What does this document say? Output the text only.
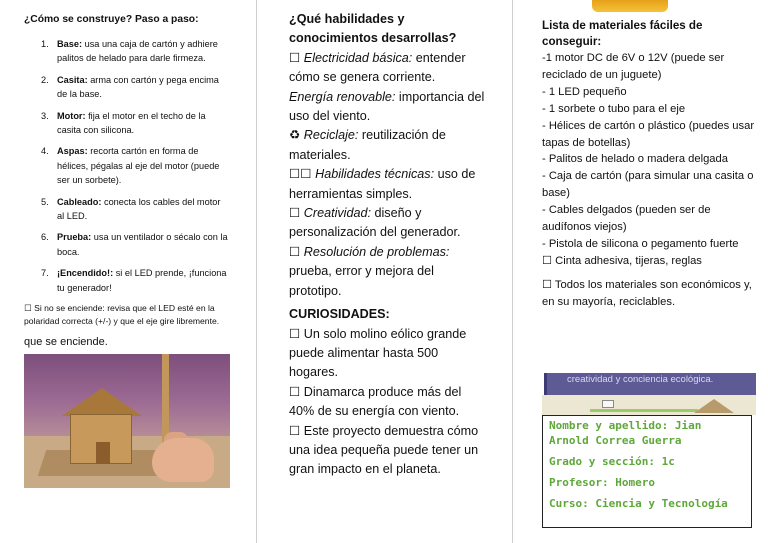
¿Cómo se construye? Paso a paso:
1. Base: usa una caja de cartón y adhiere palitos de helado para darle firmeza.
2. Casita: arma con cartón y pega encima de la base.
3. Motor: fija el motor en el techo de la casita con silicona.
4. Aspas: recorta cartón en forma de hélices, pégalas al eje del motor (puede ser un sorbete).
5. Cableado: conecta los cables del motor al LED.
6. Prueba: usa un ventilador o sécalo con la boca.
7. ¡Encendido!: si el LED prende, ¡funciona tu generador!
☐ Si no se enciende: revisa que el LED esté en la polaridad correcta (+/-) y que el eje gire libremente.
que se enciende.

¿Qué habilidades y conocimientos desarrollas?

☐ Electricidad básica: entender cómo se genera corriente.

Energía renovable: importancia del uso del viento.

♻ Reciclaje: reutilización de materiales.

☐☐ Habilidades técnicas: uso de herramientas simples.

☐ Creatividad: diseño y personalización del generador.

☐ Resolución de problemas: prueba, error y mejora del prototipo.

CURIOSIDADES:

☐ Un solo molino eólico grande puede alimentar hasta 500 hogares.

☐ Dinamarca produce más del 40% de su energía con viento.

☐ Este proyecto demuestra cómo una idea pequeña puede tener un gran impacto en el planeta.

Lista de materiales fáciles de conseguir:
-1 motor DC de 6V o 12V (puede ser reciclado de un juguete)
- 1 LED pequeño
- 1 sorbete o tubo para el eje
- Hélices de cartón o plástico (puedes usar tapas de botellas)
- Palitos de helado o madera delgada
- Caja de cartón (para simular una casita o base)
- Cables delgados (pueden ser de audífonos viejos)
- Pistola de silicona o pegamento fuerte
☐ Cinta adhesiva, tijeras, reglas
☐ Todos los materiales son económicos y, en su mayoría, reciclables.
creatividad y conciencia ecológica.

Nombre y apellido: Jian Arnold Correa Guerra

Grado y sección: 1c

Profesor: Homero

Curso: Ciencia y Tecnología
